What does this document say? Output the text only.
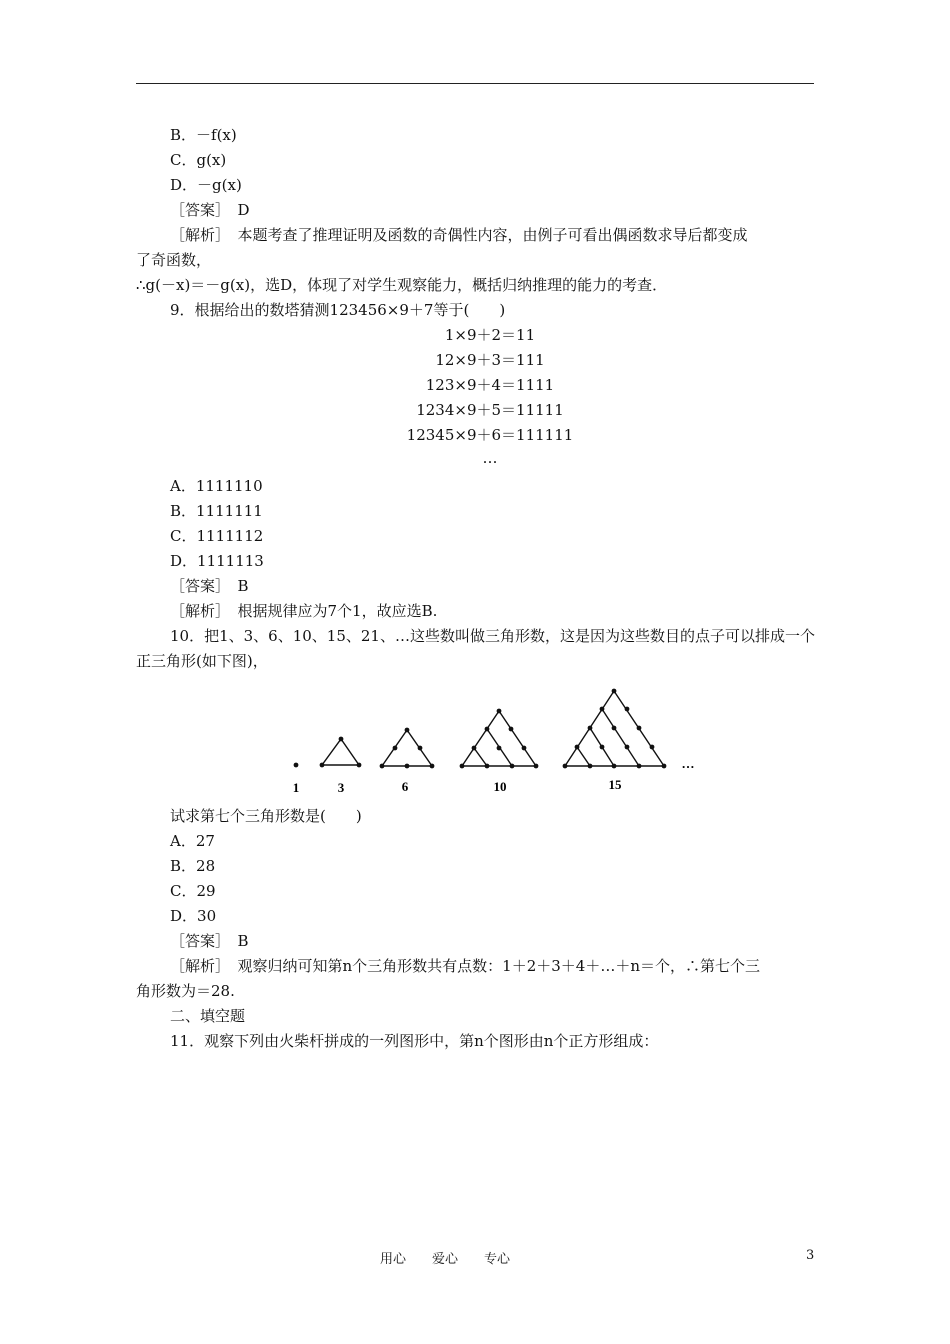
B．－f(x)
C．g(x)
D．－g(x)
［答案］　D
［解析］　本题考查了推理证明及函数的奇偶性内容，由例子可看出偶函数求导后都变成
了奇函数，
∴g(－x)＝－g(x)，选D，体现了对学生观察能力，概括归纳推理的能力的考查．
9．根据给出的数塔猜测123456×9＋7等于(　　)
1×9＋2＝11
12×9＋3＝111
123×9＋4＝1111
1234×9＋5＝11111
12345×9＋6＝111111
…
A．1111110
B．1111111
C．1111112
D．1111113
［答案］　B
［解析］　根据规律应为7个1，故应选B.
10．把1、3、6、10、15、21、…这些数叫做三角形数，这是因为这些数目的点子可以排成一个
正三角形(如下图)，
1	3	6	10	15
…
试求第七个三角形数是(　　)
A．27
B．28
C．29
D．30
［答案］　B
［解析］　观察归纳可知第n个三角形数共有点数：1＋2＋3＋4＋…＋n＝个，∴第七个三
角形数为＝28.
二、填空题
11．观察下列由火柴杆拼成的一列图形中，第n个图形由n个正方形组成：
用心　　爱心　　专心	3
